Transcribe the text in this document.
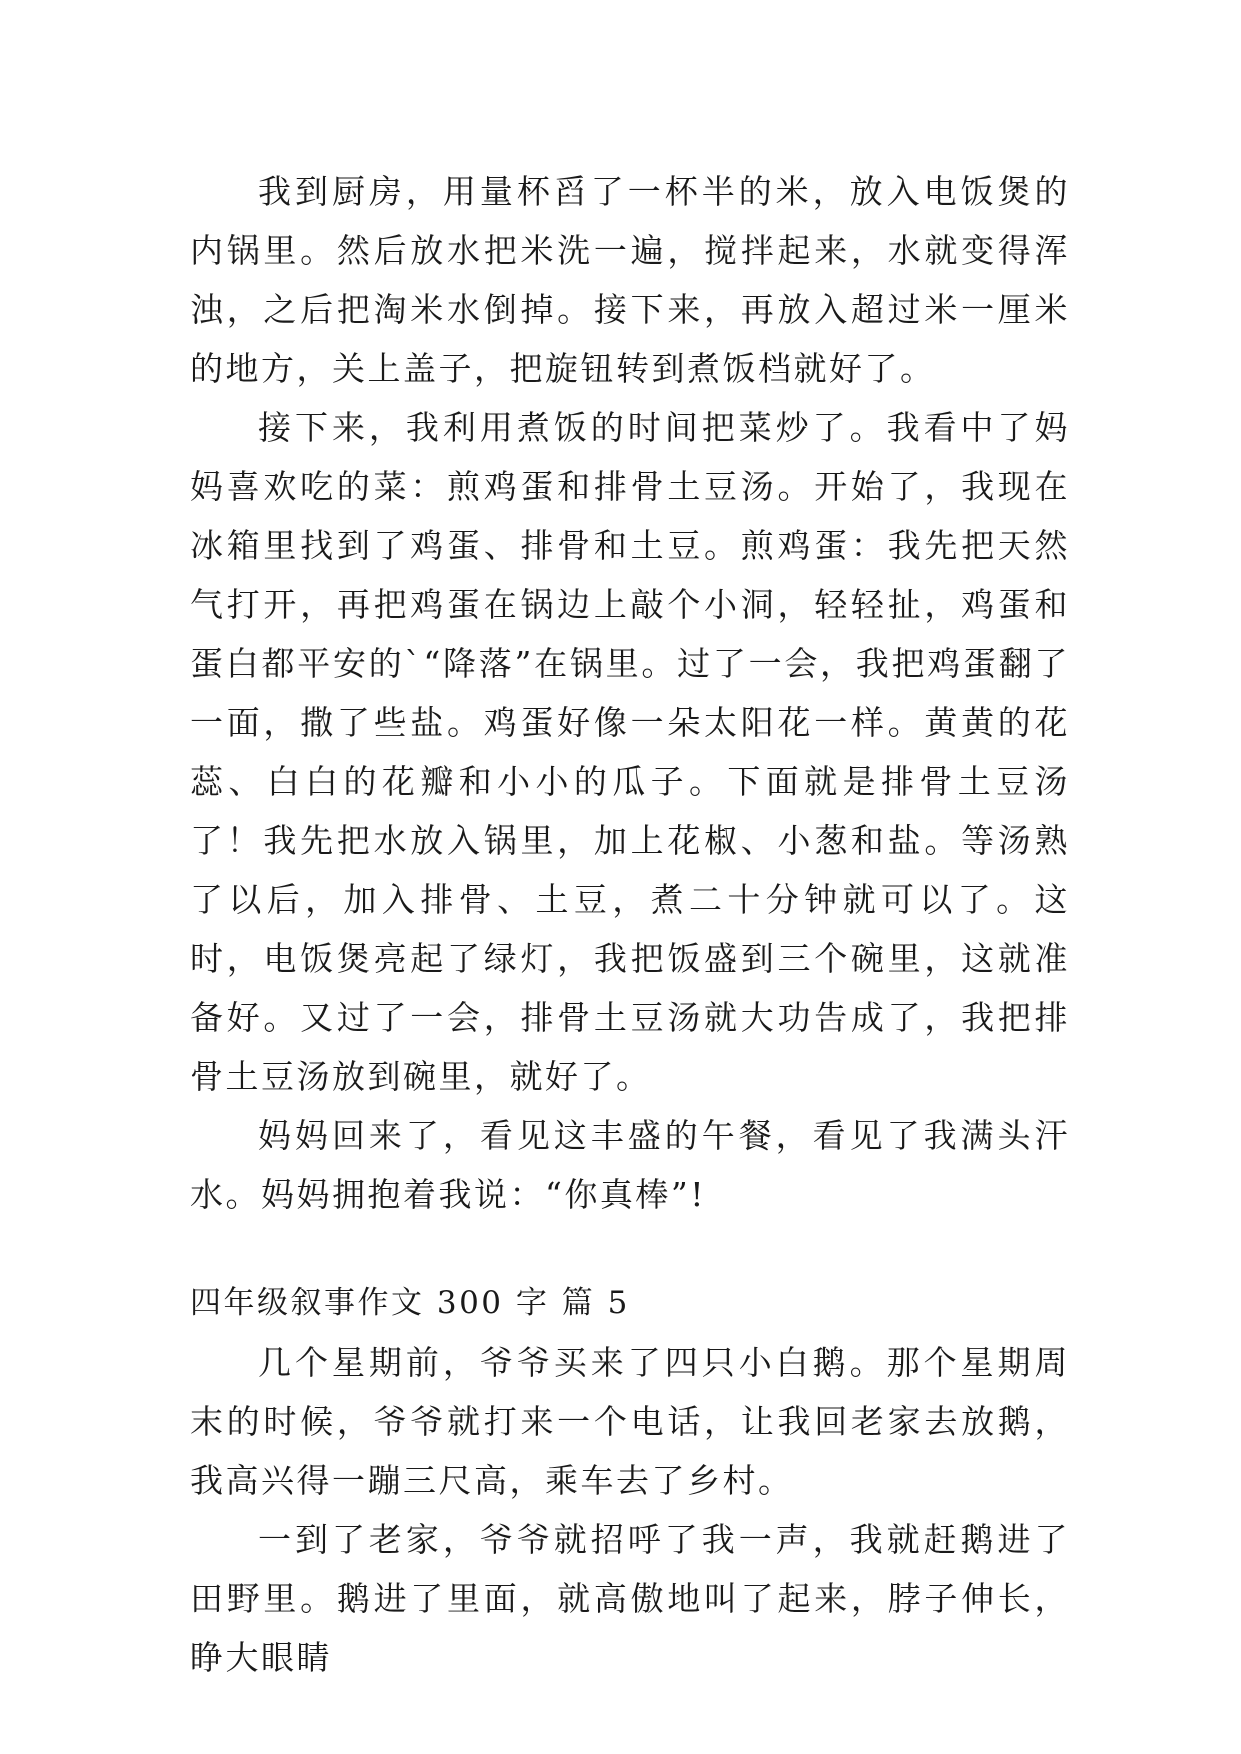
我到厨房，用量杯舀了一杯半的米，放入电饭煲的内锅里。然后放水把米洗一遍，搅拌起来，水就变得浑浊，之后把淘米水倒掉。接下来，再放入超过米一厘米的地方，关上盖子，把旋钮转到煮饭档就好了。

接下来，我利用煮饭的时间把菜炒了。我看中了妈妈喜欢吃的菜：煎鸡蛋和排骨土豆汤。开始了，我现在冰箱里找到了鸡蛋、排骨和土豆。煎鸡蛋：我先把天然气打开，再把鸡蛋在锅边上敲个小洞，轻轻扯，鸡蛋和蛋白都平安的`“降落”在锅里。过了一会，我把鸡蛋翻了一面，撒了些盐。鸡蛋好像一朵太阳花一样。黄黄的花蕊、白白的花瓣和小小的瓜子。下面就是排骨土豆汤了！我先把水放入锅里，加上花椒、小葱和盐。等汤熟了以后，加入排骨、土豆，煮二十分钟就可以了。这时，电饭煲亮起了绿灯，我把饭盛到三个碗里，这就准备好。又过了一会，排骨土豆汤就大功告成了，我把排骨土豆汤放到碗里，就好了。

妈妈回来了，看见这丰盛的午餐，看见了我满头汗水。妈妈拥抱着我说：“你真棒”!

四年级叙事作文 300 字 篇 5

几个星期前，爷爷买来了四只小白鹅。那个星期周末的时候，爷爷就打来一个电话，让我回老家去放鹅，我高兴得一蹦三尺高，乘车去了乡村。

一到了老家，爷爷就招呼了我一声，我就赶鹅进了田野里。鹅进了里面，就高傲地叫了起来，脖子伸长，睁大眼睛
